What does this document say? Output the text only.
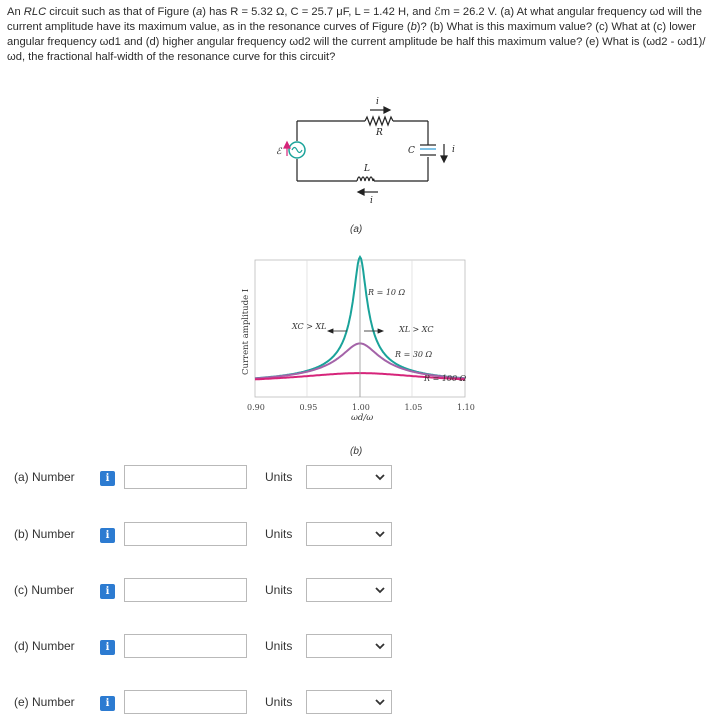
An RLC circuit such as that of Figure (a) has R = 5.32 Ω, C = 25.7 μF, L = 1.42 H, and ℰm = 26.2 V. (a) At what angular frequency ωd will the current amplitude have its maximum value, as in the resonance curves of Figure (b)? (b) What is this maximum value? (c) What at (c) lower angular frequency ωd1 and (d) higher angular frequency ωd2 will the current amplitude be half this maximum value? (e) What is (ωd2 - ωd1)/ωd, the fractional half-width of the resonance curve for this circuit?
i
R
ℰ
L
i
C	i
(a)
0.90	0.95	1.00	1.05	1.10
Current amplitude I
ωd/ω
XC > XL	XL > XC
R = 10 Ω
R = 30 Ω
R = 100 Ω
(b)
(a) Number	i	Units
(b) Number	i	Units
(c) Number	i	Units
(d) Number	i	Units
(e) Number	i	Units
